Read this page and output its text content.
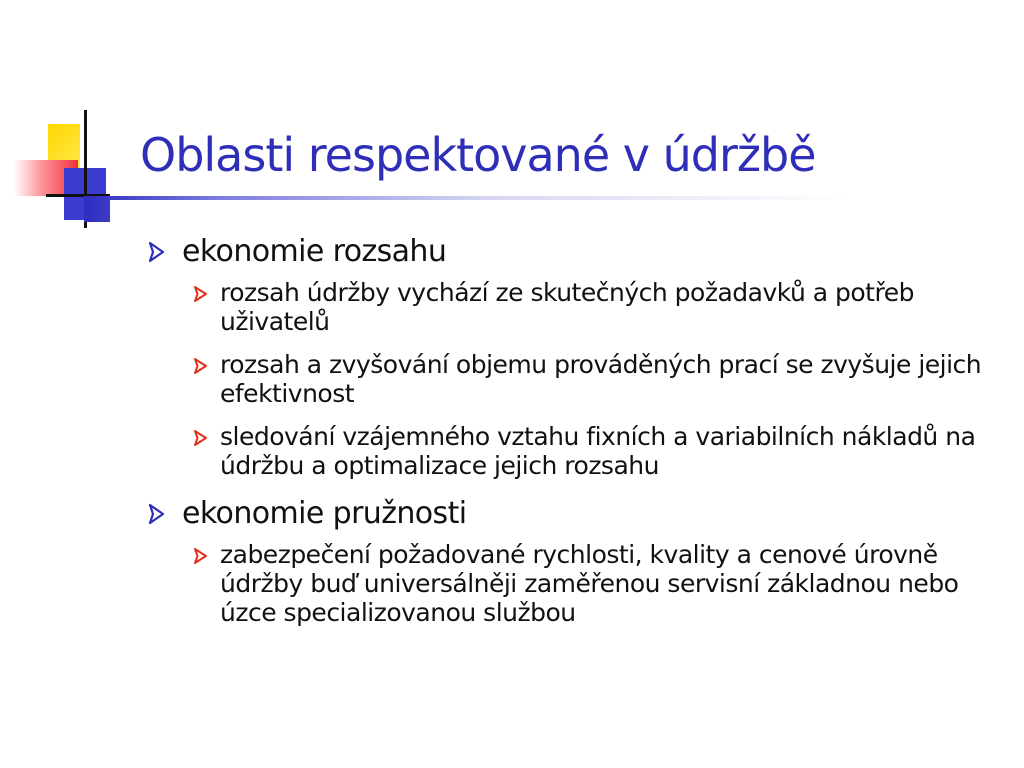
Oblasti respektované v údržbě
ekonomie rozsahu
rozsah údržby vychází ze skutečných požadavků a potřeb uživatelů
rozsah a zvyšování objemu prováděných prací se zvyšuje jejich efektivnost
sledování vzájemného vztahu fixních a variabilních nákladů na údržbu a optimalizace jejich rozsahu
ekonomie pružnosti
zabezpečení požadované rychlosti, kvality a cenové úrovně údržby buď universálněji zaměřenou servisní základnou nebo úzce specializovanou službou
